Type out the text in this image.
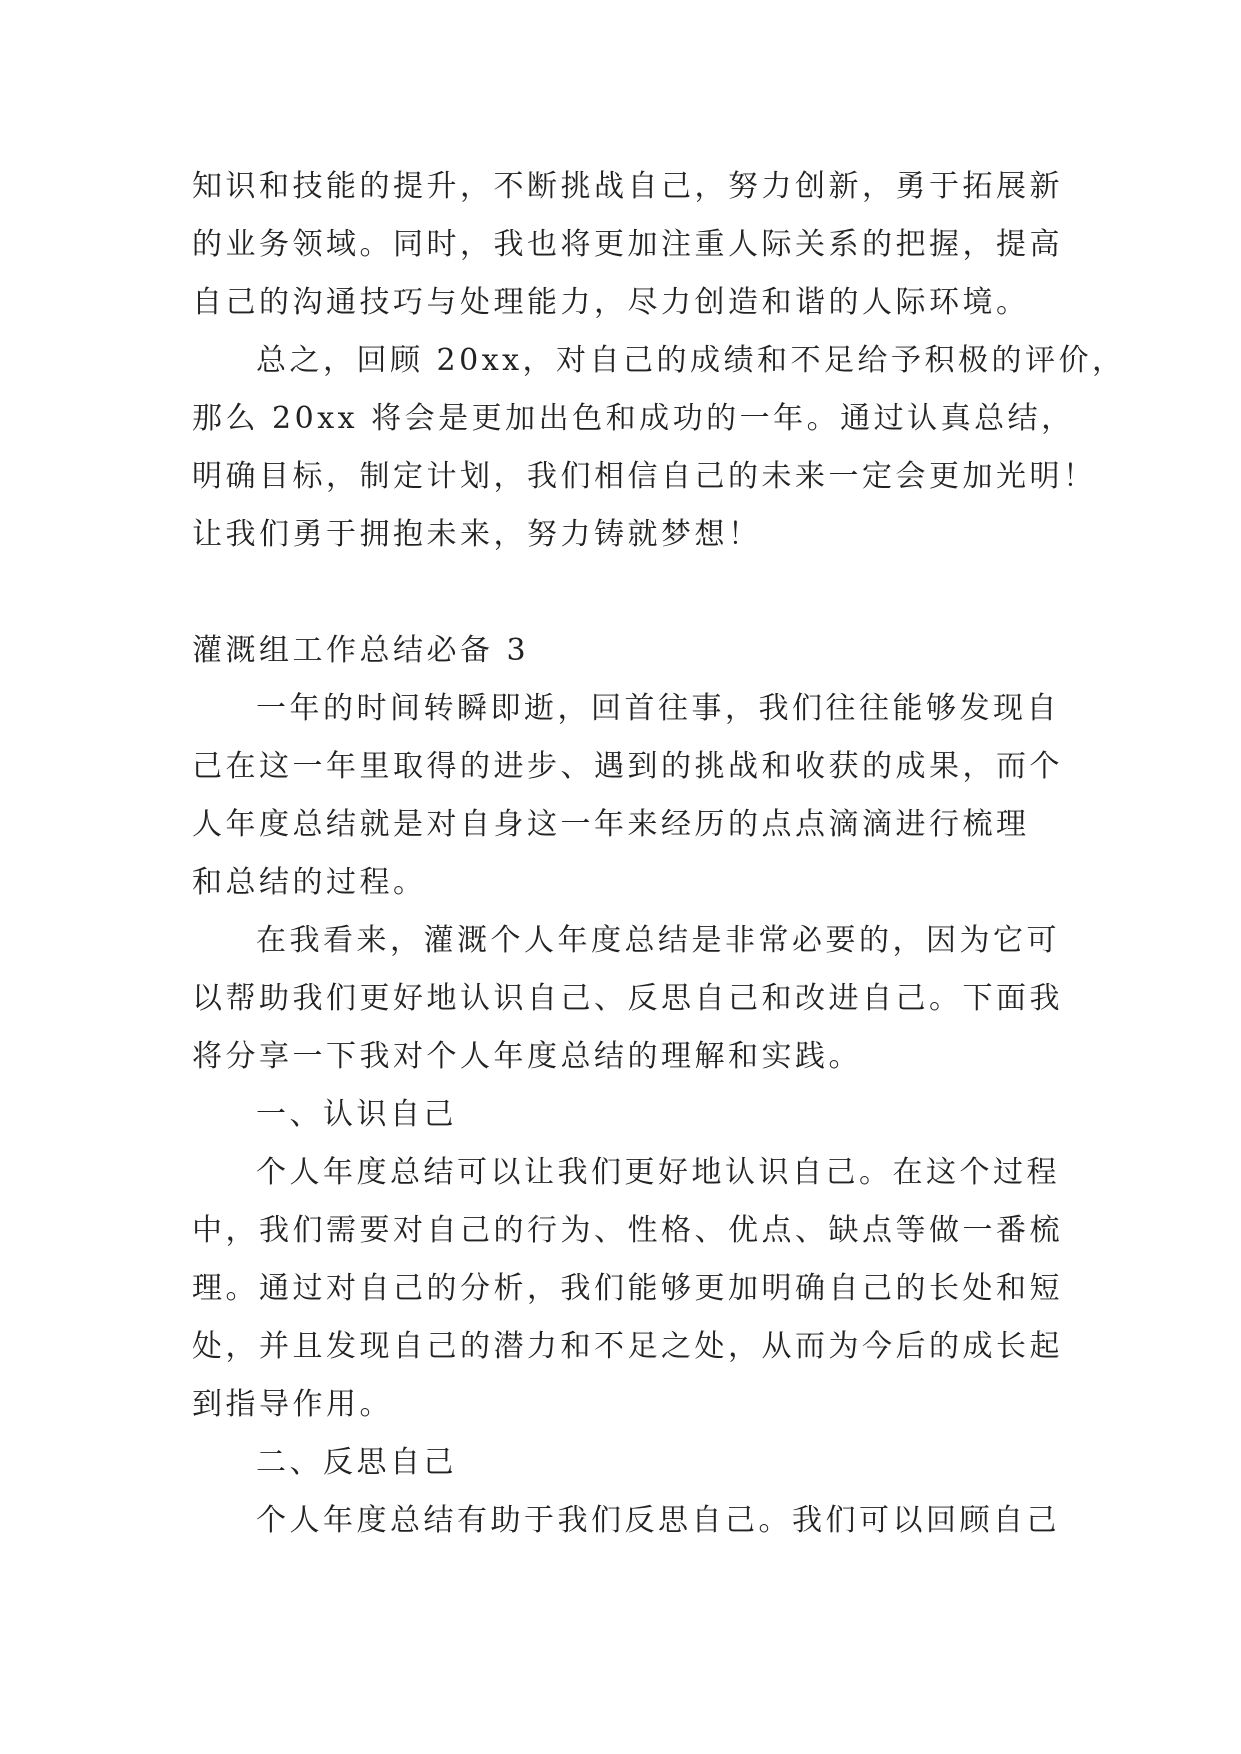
知识和技能的提升，不断挑战自己，努力创新，勇于拓展新
的业务领域。同时，我也将更加注重人际关系的把握，提高
自己的沟通技巧与处理能力，尽力创造和谐的人际环境。
总之，回顾 20xx，对自己的成绩和不足给予积极的评价，
那么 20xx 将会是更加出色和成功的一年。通过认真总结，
明确目标，制定计划，我们相信自己的未来一定会更加光明！
让我们勇于拥抱未来，努力铸就梦想！
灌溉组工作总结必备 3
一年的时间转瞬即逝，回首往事，我们往往能够发现自
己在这一年里取得的进步、遇到的挑战和收获的成果，而个
人年度总结就是对自身这一年来经历的点点滴滴进行梳理
和总结的过程。
在我看来，灌溉个人年度总结是非常必要的，因为它可
以帮助我们更好地认识自己、反思自己和改进自己。下面我
将分享一下我对个人年度总结的理解和实践。
一、认识自己
个人年度总结可以让我们更好地认识自己。在这个过程
中，我们需要对自己的行为、性格、优点、缺点等做一番梳
理。通过对自己的分析，我们能够更加明确自己的长处和短
处，并且发现自己的潜力和不足之处，从而为今后的成长起
到指导作用。
二、反思自己
个人年度总结有助于我们反思自己。我们可以回顾自己
